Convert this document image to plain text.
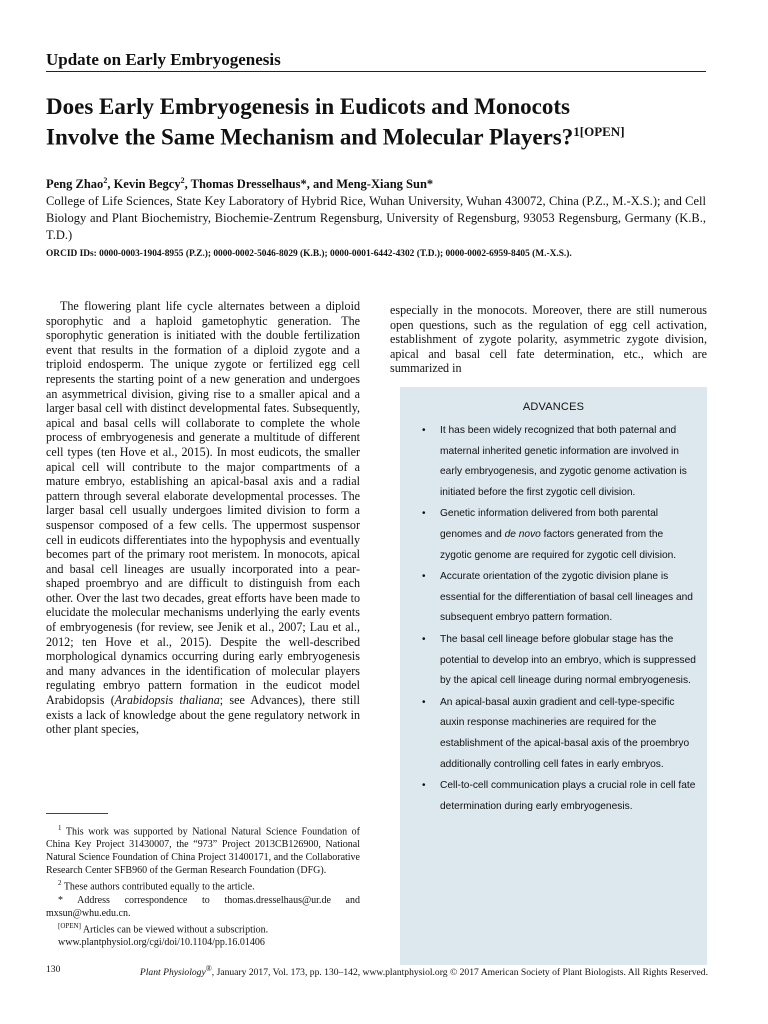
Update on Early Embryogenesis
Does Early Embryogenesis in Eudicots and Monocots
Involve the Same Mechanism and Molecular Players?$^{1[OPEN]}$
Peng Zhao$^2$, Kevin Begcy$^2$, Thomas Dresselhaus*, and Meng-Xiang Sun*
College of Life Sciences, State Key Laboratory of Hybrid Rice, Wuhan University, Wuhan 430072, China (P.Z., M.-X.S.); and Cell Biology and Plant Biochemistry, Biochemie-Zentrum Regensburg, University of Regensburg, 93053 Regensburg, Germany (K.B., T.D.)
ORCID IDs: 0000-0003-1904-8955 (P.Z.); 0000-0002-5046-8029 (K.B.); 0000-0001-6442-4302 (T.D.); 0000-0002-6959-8405 (M.-X.S.).
The flowering plant life cycle alternates between a diploid sporophytic and a haploid gametophytic generation. The sporophytic generation is initiated with the double fertilization event that results in the formation of a diploid zygote and a triploid endosperm. The unique zygote or fertilized egg cell represents the starting point of a new generation and undergoes an asymmetrical division, giving rise to a smaller apical and a larger basal cell with distinct developmental fates. Subsequently, apical and basal cells will collaborate to complete the whole process of embryogenesis and generate a multitude of different cell types (ten Hove et al., 2015). In most eudicots, the smaller apical cell will contribute to the major compartments of a mature embryo, establishing an apical-basal axis and a radial pattern through several elaborate developmental processes. The larger basal cell usually undergoes limited division to form a suspensor composed of a few cells. The uppermost suspensor cell in eudicots differentiates into the hypophysis and eventually becomes part of the primary root meristem. In monocots, apical and basal cell lineages are usually incorporated into a pear-shaped proembryo and are difficult to distinguish from each other. Over the last two decades, great efforts have been made to elucidate the molecular mechanisms underlying the early events of embryogenesis (for review, see Jenik et al., 2007; Lau et al., 2012; ten Hove et al., 2015). Despite the well-described morphological dynamics occurring during early embryogenesis and many advances in the identification of molecular players regulating embryo pattern formation in the eudicot model Arabidopsis (Arabidopsis thaliana; see Advances), there still exists a lack of knowledge about the gene regulatory network in other plant species,
especially in the monocots. Moreover, there are still numerous open questions, such as the regulation of egg cell activation, establishment of zygote polarity, asymmetric zygote division, apical and basal cell fate determination, etc., which are summarized in

$^1$ This work was supported by National Natural Science Foundation of China Key Project 31430007, the “973” Project 2013CB126900, National Natural Science Foundation of China Project 31400171, and the Collaborative Research Center SFB960 of the German Research Foundation (DFG).

$^2$ These authors contributed equally to the article.

* Address correspondence to thomas.dresselhaus@ur.de and mxsun@whu.edu.cn.

[OPEN] Articles can be viewed without a subscription.

www.plantphysiol.org/cgi/doi/10.1104/pp.16.01406

ADVANCES
• It has been widely recognized that both paternal and maternal inherited genetic information are involved in early embryogenesis, and zygotic genome activation is initiated before the first zygotic cell division.
• Genetic information delivered from both parental genomes and de novo factors generated from the zygotic genome are required for zygotic cell division.
• Accurate orientation of the zygotic division plane is essential for the differentiation of basal cell lineages and subsequent embryo pattern formation.
• The basal cell lineage before globular stage has the potential to develop into an embryo, which is suppressed by the apical cell lineage during normal embryogenesis.
• An apical-basal auxin gradient and cell-type-specific auxin response machineries are required for the establishment of the apical-basal axis of the proembryo additionally controlling cell fates in early embryos.
• Cell-to-cell communication plays a crucial role in cell fate determination during early embryogenesis.
130	Plant Physiology®, January 2017, Vol. 173, pp. 130–142, www.plantphysiol.org © 2017 American Society of Plant Biologists. All Rights Reserved.
